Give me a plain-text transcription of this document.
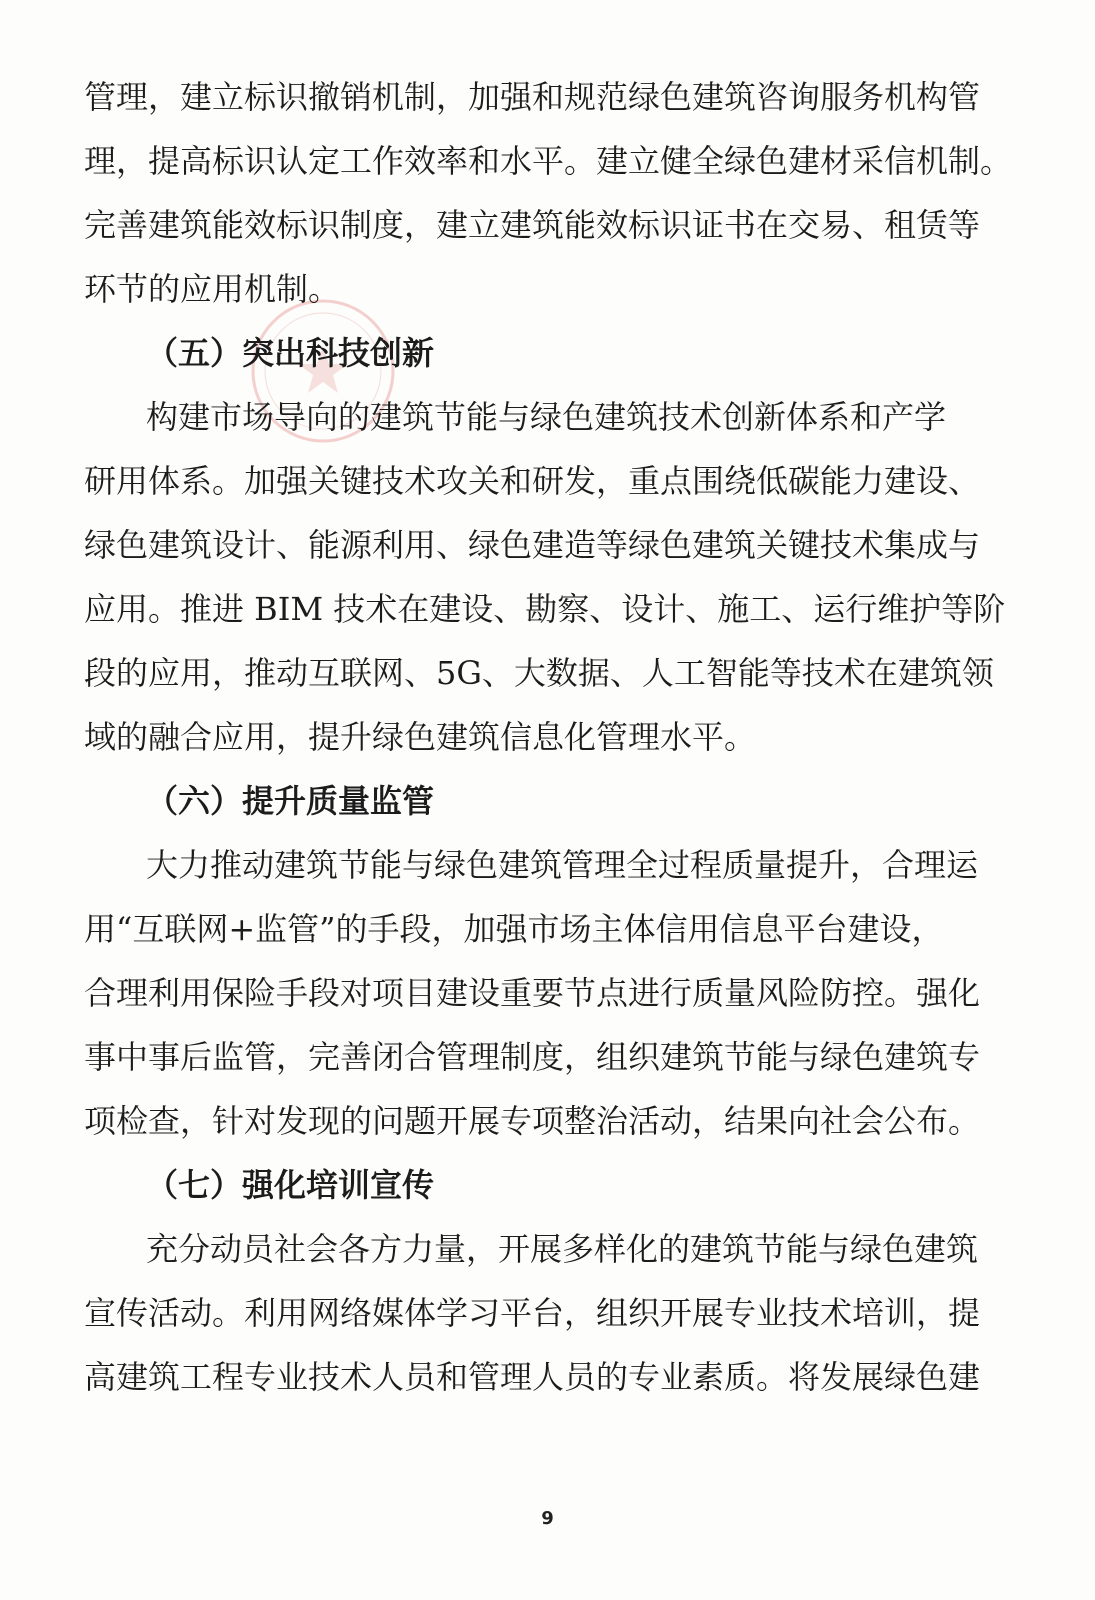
管理，建立标识撤销机制，加强和规范绿色建筑咨询服务机构管
理，提高标识认定工作效率和水平。建立健全绿色建材采信机制。
完善建筑能效标识制度，建立建筑能效标识证书在交易、租赁等
环节的应用机制。
（五）突出科技创新
构建市场导向的建筑节能与绿色建筑技术创新体系和产学
研用体系。加强关键技术攻关和研发，重点围绕低碳能力建设、
绿色建筑设计、能源利用、绿色建造等绿色建筑关键技术集成与
应用。推进 BIM 技术在建设、勘察、设计、施工、运行维护等阶
段的应用，推动互联网、5G、大数据、人工智能等技术在建筑领
域的融合应用，提升绿色建筑信息化管理水平。
（六）提升质量监管
大力推动建筑节能与绿色建筑管理全过程质量提升，合理运
用“互联网+监管”的手段，加强市场主体信用信息平台建设，
合理利用保险手段对项目建设重要节点进行质量风险防控。强化
事中事后监管，完善闭合管理制度，组织建筑节能与绿色建筑专
项检查，针对发现的问题开展专项整治活动，结果向社会公布。
（七）强化培训宣传
充分动员社会各方力量，开展多样化的建筑节能与绿色建筑
宣传活动。利用网络媒体学习平台，组织开展专业技术培训，提
高建筑工程专业技术人员和管理人员的专业素质。将发展绿色建
9
